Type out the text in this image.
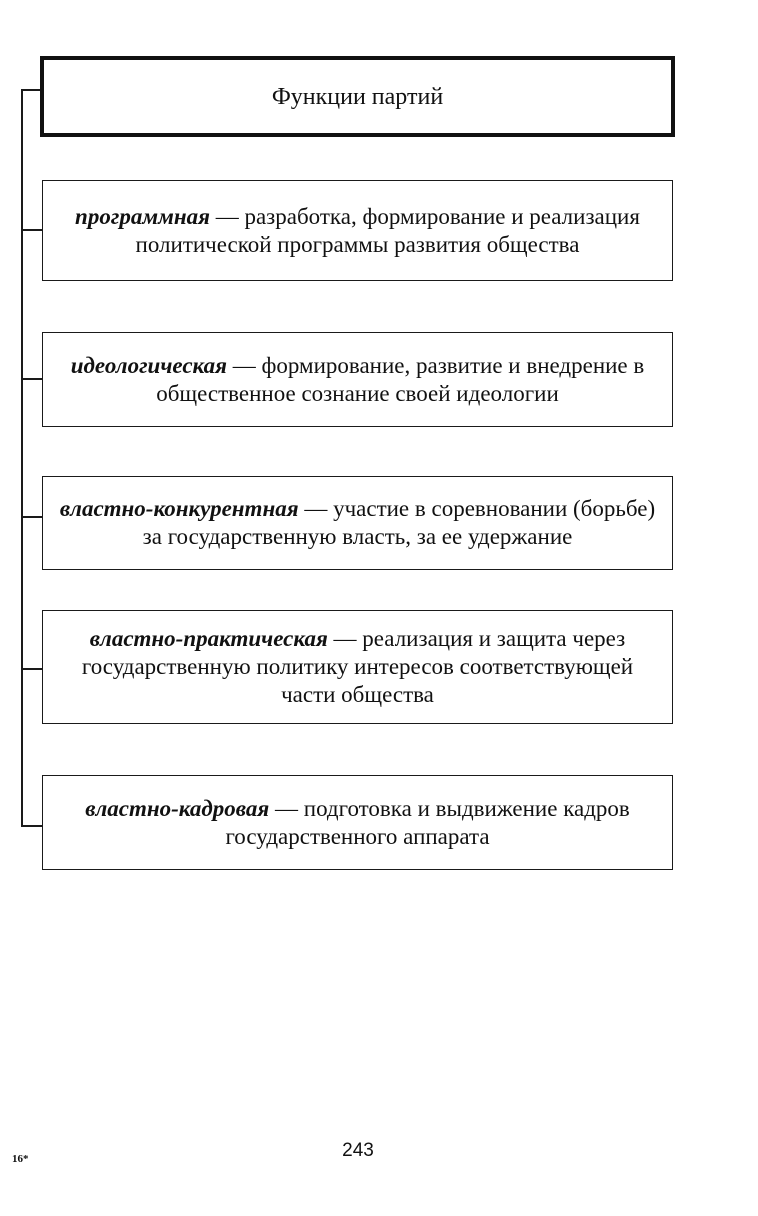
Функции партий

программная — разработка, формирование и реализация политической программы развития общества

идеологическая — формирование, развитие и внедрение в общественное сознание своей идеологии

властно-конкурентная — участие в соревновании (борьбе) за государственную власть, за ее удержание

властно-практическая — реализация и защита через государственную политику интересов соответствующей части общества

властно-кадровая — подготовка и выдвижение кадров государственного аппарата

243
16*
